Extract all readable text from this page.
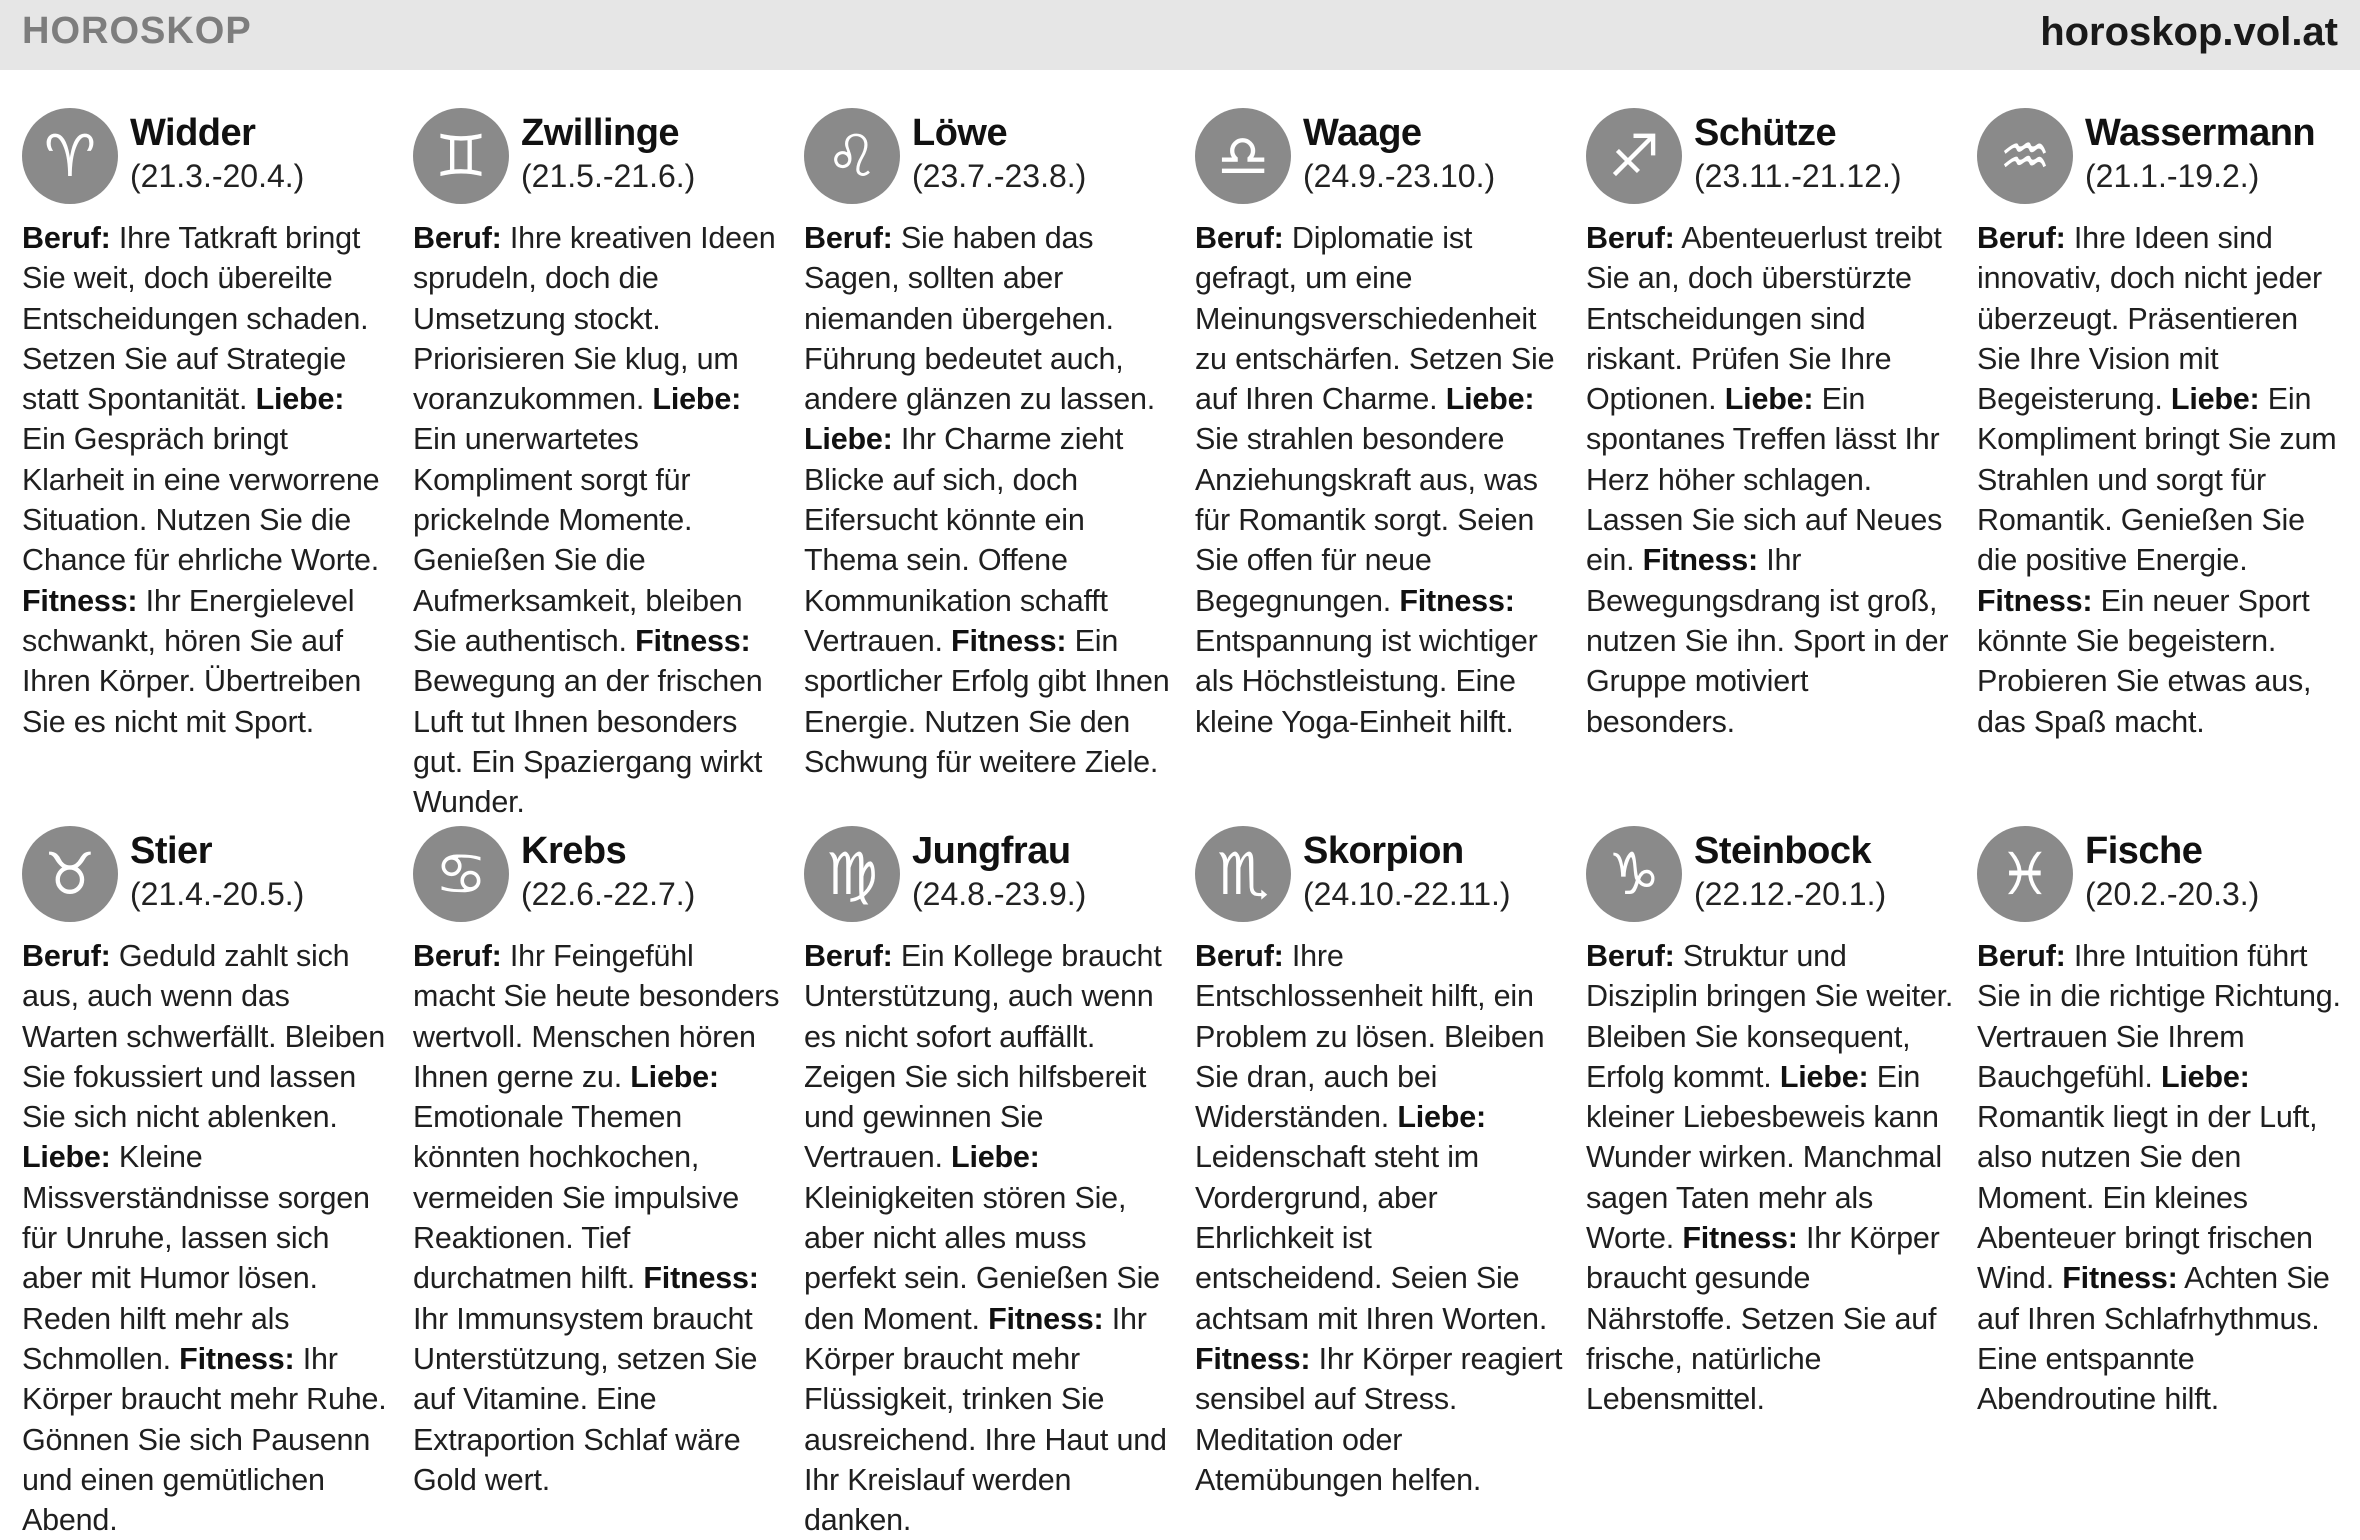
HOROSKOP	horoskop.vol.at
♈ Widder
(21.3.-20.4.)
Beruf: Ihre Tatkraft bringt Sie weit, doch übereilte Entscheidungen schaden. Setzen Sie auf Strategie statt Spontanität. Liebe: Ein Gespräch bringt Klarheit in eine verworrene Situation. Nutzen Sie die Chance für ehrliche Worte. Fitness: Ihr Energielevel schwankt, hören Sie auf Ihren Körper. Übertreiben Sie es nicht mit Sport.
♊ Zwillinge
(21.5.-21.6.)
Beruf: Ihre kreativen Ideen sprudeln, doch die Umsetzung stockt. Priorisieren Sie klug, um voranzukommen. Liebe: Ein unerwartetes Kompliment sorgt für prickelnde Momente. Genießen Sie die Aufmerksamkeit, bleiben Sie authentisch. Fitness: Bewegung an der frischen Luft tut Ihnen besonders gut. Ein Spaziergang wirkt Wunder.
♌ Löwe
(23.7.-23.8.)
Beruf: Sie haben das Sagen, sollten aber niemanden übergehen. Führung bedeutet auch, andere glänzen zu lassen. Liebe: Ihr Charme zieht Blicke auf sich, doch Eifersucht könnte ein Thema sein. Offene Kommunikation schafft Vertrauen. Fitness: Ein sportlicher Erfolg gibt Ihnen Energie. Nutzen Sie den Schwung für weitere Ziele.
♎ Waage
(24.9.-23.10.)
Beruf: Diplomatie ist gefragt, um eine Meinungsverschiedenheit zu entschärfen. Setzen Sie auf Ihren Charme. Liebe: Sie strahlen besondere Anziehungskraft aus, was für Romantik sorgt. Seien Sie offen für neue Begegnungen. Fitness: Entspannung ist wichtiger als Höchstleistung. Eine kleine Yoga-Einheit hilft.
♐ Schütze
(23.11.-21.12.)
Beruf: Abenteuerlust treibt Sie an, doch überstürzte Entscheidungen sind riskant. Prüfen Sie Ihre Optionen. Liebe: Ein spontanes Treffen lässt Ihr Herz höher schlagen. Lassen Sie sich auf Neues ein. Fitness: Ihr Bewegungsdrang ist groß, nutzen Sie ihn. Sport in der Gruppe motiviert besonders.
♒ Wassermann
(21.1.-19.2.)
Beruf: Ihre Ideen sind innovativ, doch nicht jeder überzeugt. Präsentieren Sie Ihre Vision mit Begeisterung. Liebe: Ein Kompliment bringt Sie zum Strahlen und sorgt für Romantik. Genießen Sie die positive Energie. Fitness: Ein neuer Sport könnte Sie begeistern. Probieren Sie etwas aus, das Spaß macht.
♉ Stier
(21.4.-20.5.)
Beruf: Geduld zahlt sich aus, auch wenn das Warten schwerfällt. Bleiben Sie fokussiert und lassen Sie sich nicht ablenken. Liebe: Kleine Missverständnisse sorgen für Unruhe, lassen sich aber mit Humor lösen. Reden hilft mehr als Schmollen. Fitness: Ihr Körper braucht mehr Ruhe. Gönnen Sie sich Pausenn und einen gemütlichen Abend.
♋ Krebs
(22.6.-22.7.)
Beruf: Ihr Feingefühl macht Sie heute besonders wertvoll. Menschen hören Ihnen gerne zu. Liebe: Emotionale Themen könnten hochkochen, vermeiden Sie impulsive Reaktionen. Tief durchatmen hilft. Fitness: Ihr Immunsystem braucht Unterstützung, setzen Sie auf Vitamine. Eine Extraportion Schlaf wäre Gold wert.
♍ Jungfrau
(24.8.-23.9.)
Beruf: Ein Kollege braucht Unterstützung, auch wenn es nicht sofort auffällt. Zeigen Sie sich hilfsbereit und gewinnen Sie Vertrauen. Liebe: Kleinigkeiten stören Sie, aber nicht alles muss perfekt sein. Genießen Sie den Moment. Fitness: Ihr Körper braucht mehr Flüssigkeit, trinken Sie ausreichend. Ihre Haut und Ihr Kreislauf werden danken.
♏ Skorpion
(24.10.-22.11.)
Beruf: Ihre Entschlossenheit hilft, ein Problem zu lösen. Bleiben Sie dran, auch bei Widerständen. Liebe: Leidenschaft steht im Vordergrund, aber Ehrlichkeit ist entscheidend. Seien Sie achtsam mit Ihren Worten. Fitness: Ihr Körper reagiert sensibel auf Stress. Meditation oder Atemübungen helfen.
♑ Steinbock
(22.12.-20.1.)
Beruf: Struktur und Disziplin bringen Sie weiter. Bleiben Sie konsequent, Erfolg kommt. Liebe: Ein kleiner Liebesbeweis kann Wunder wirken. Manchmal sagen Taten mehr als Worte. Fitness: Ihr Körper braucht gesunde Nährstoffe. Setzen Sie auf frische, natürliche Lebensmittel.
♓ Fische
(20.2.-20.3.)
Beruf: Ihre Intuition führt Sie in die richtige Richtung. Vertrauen Sie Ihrem Bauchgefühl. Liebe: Romantik liegt in der Luft, also nutzen Sie den Moment. Ein kleines Abenteuer bringt frischen Wind. Fitness: Achten Sie auf Ihren Schlafrhythmus. Eine entspannte Abendroutine hilft.
